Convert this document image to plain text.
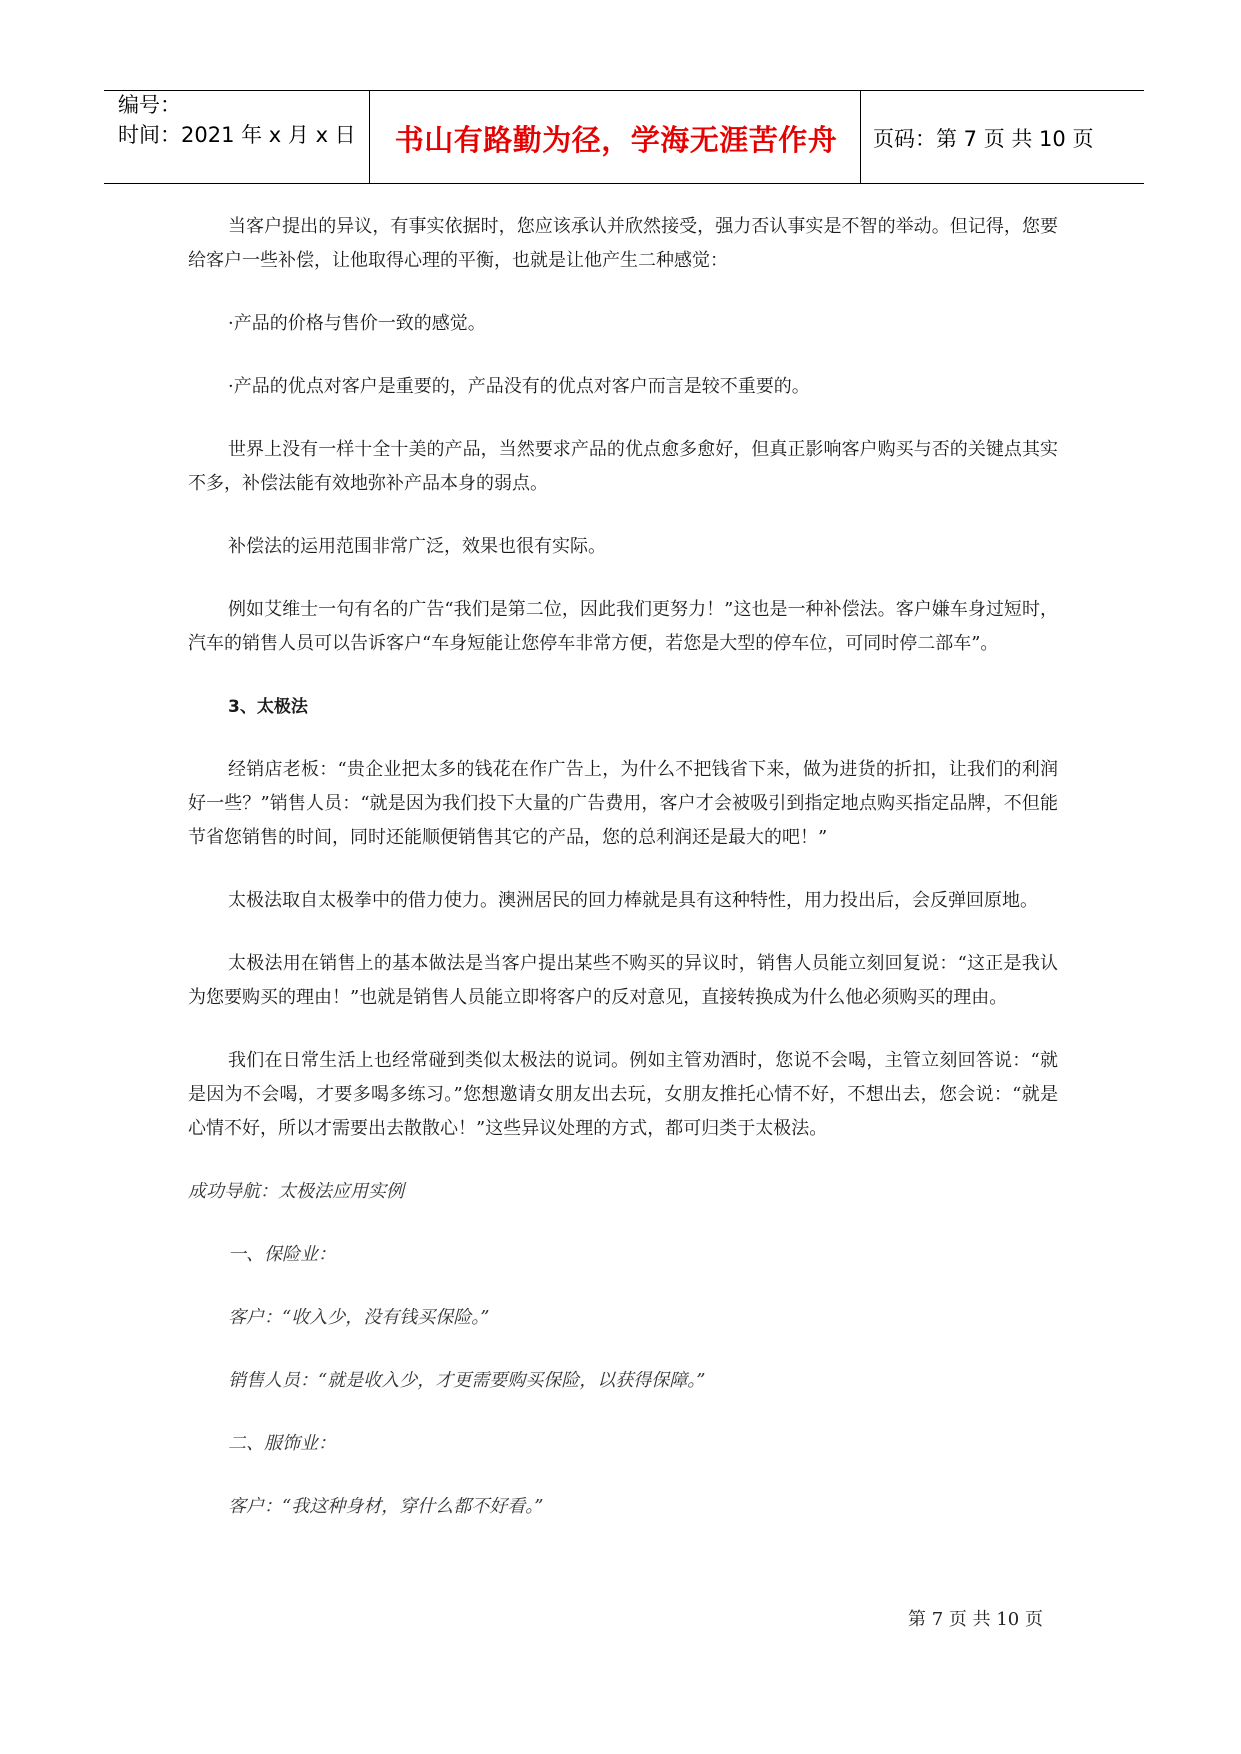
编号：
时间：2021 年 x 月 x 日	书山有路勤为径，学海无涯苦作舟	页码：第 7 页 共 10 页

当客户提出的异议，有事实依据时，您应该承认并欣然接受，强力否认事实是不智的举动。但记得，您要给客户一些补偿，让他取得心理的平衡，也就是让他产生二种感觉：

·产品的价格与售价一致的感觉。

·产品的优点对客户是重要的，产品没有的优点对客户而言是较不重要的。

世界上没有一样十全十美的产品，当然要求产品的优点愈多愈好，但真正影响客户购买与否的关键点其实不多，补偿法能有效地弥补产品本身的弱点。

补偿法的运用范围非常广泛，效果也很有实际。

例如艾维士一句有名的广告“我们是第二位，因此我们更努力！”这也是一种补偿法。客户嫌车身过短时，汽车的销售人员可以告诉客户“车身短能让您停车非常方便，若您是大型的停车位，可同时停二部车”。

3、太极法

经销店老板：“贵企业把太多的钱花在作广告上，为什么不把钱省下来，做为进货的折扣，让我们的利润好一些？”销售人员：“就是因为我们投下大量的广告费用，客户才会被吸引到指定地点购买指定品牌，不但能节省您销售的时间，同时还能顺便销售其它的产品，您的总利润还是最大的吧！”

太极法取自太极拳中的借力使力。澳洲居民的回力棒就是具有这种特性，用力投出后，会反弹回原地。

太极法用在销售上的基本做法是当客户提出某些不购买的异议时，销售人员能立刻回复说：“这正是我认为您要购买的理由！”也就是销售人员能立即将客户的反对意见，直接转换成为什么他必须购买的理由。

我们在日常生活上也经常碰到类似太极法的说词。例如主管劝酒时，您说不会喝，主管立刻回答说：“就是因为不会喝，才要多喝多练习。”您想邀请女朋友出去玩，女朋友推托心情不好，不想出去，您会说：“就是心情不好，所以才需要出去散散心！”这些异议处理的方式，都可归类于太极法。

成功导航：太极法应用实例

一、保险业：

客户：“收入少，没有钱买保险。”

销售人员：“就是收入少，才更需要购买保险，以获得保障。”

二、服饰业：

客户：“我这种身材，穿什么都不好看。”

第 7 页 共 10 页
